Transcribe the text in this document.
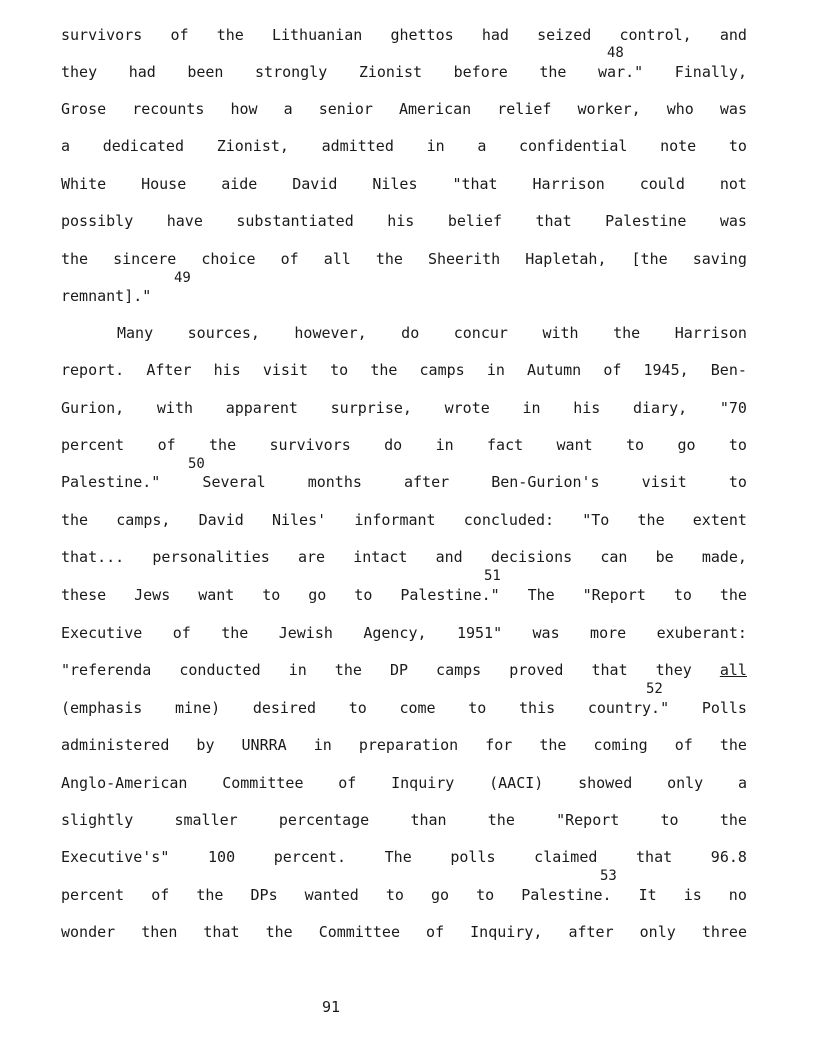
survivors of the Lithuanian ghettos had seized control, and
48
they had been strongly Zionist before the war." Finally,
Grose recounts how a senior American relief worker, who was
a dedicated Zionist, admitted in a confidential note to
White House aide David Niles "that Harrison could not
possibly have substantiated his belief that Palestine was
the sincere choice of all the Sheerith Hapletah, [the saving
49
remnant]."
Many sources, however, do concur with the Harrison
report. After his visit to the camps in Autumn of 1945, Ben-
Gurion, with apparent surprise, wrote in his diary, "70
percent of the survivors do in fact want to go to
50
Palestine."	Several	months	after	Ben-Gurion's	visit	to
the camps, David Niles' informant concluded: "To the extent
that... personalities are intact and decisions can be made,
51
these Jews want to go to Palestine." The "Report to the
Executive of the Jewish Agency, 1951" was more exuberant:
"referenda conducted in the DP camps proved that they all
52
(emphasis mine) desired to come to this country." Polls
administered by UNRRA in preparation for the coming of the
Anglo-American Committee of Inquiry (AACI) showed only a
slightly	smaller	percentage	than	the	"Report	to	the
Executive's"	100	percent.	The	polls	claimed	that	96.8
53
percent of the DPs wanted to go to Palestine. It is no
wonder then that the Committee of Inquiry, after only three
91
